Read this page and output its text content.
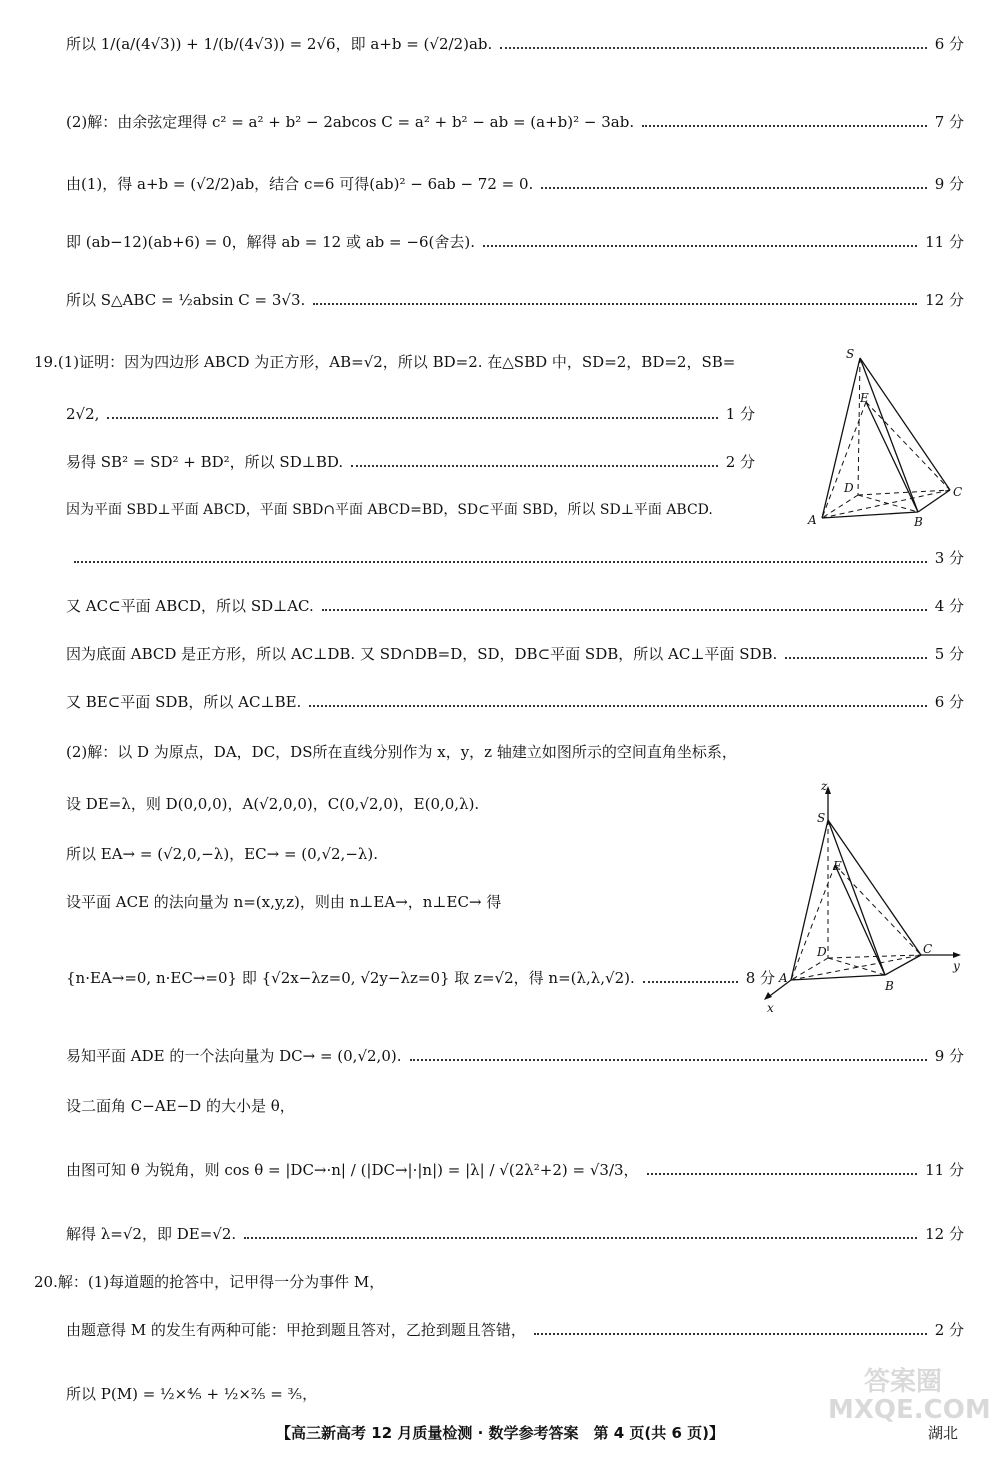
所以 1/(a/(4√3)) + 1/(b/(4√3)) = 2√6，即 a+b = (√2/2)ab.	6 分
(2)解：由余弦定理得 c² = a² + b² − 2abcos C = a² + b² − ab = (a+b)² − 3ab.	7 分
由(1)，得 a+b = (√2/2)ab，结合 c=6 可得(ab)² − 6ab − 72 = 0.	9 分
即 (ab−12)(ab+6) = 0，解得 ab = 12 或 ab = −6(舍去).	11 分
所以 S△ABC = ½absin C = 3√3.	12 分
19.(1)证明：因为四边形 ABCD 为正方形，AB=√2，所以 BD=2. 在△SBD 中，SD=2，BD=2，SB=
2√2,	1 分
易得 SB² = SD² + BD²，所以 SD⊥BD.	2 分
因为平面 SBD⊥平面 ABCD，平面 SBD∩平面 ABCD=BD，SD⊂平面 SBD，所以 SD⊥平面 ABCD.
3 分
又 AC⊂平面 ABCD，所以 SD⊥AC.	4 分
因为底面 ABCD 是正方形，所以 AC⊥DB. 又 SD∩DB=D，SD，DB⊂平面 SDB，所以 AC⊥平面 SDB.	5 分
又 BE⊂平面 SDB，所以 AC⊥BE.	6 分
(2)解：以 D 为原点，DA，DC，DS所在直线分别作为 x，y，z 轴建立如图所示的空间直角坐标系，
设 DE=λ，则 D(0,0,0)，A(√2,0,0)，C(0,√2,0)，E(0,0,λ).
所以 EA→ = (√2,0,−λ)，EC→ = (0,√2,−λ).
设平面 ACE 的法向量为 n=(x,y,z)，则由 n⊥EA→，n⊥EC→ 得
{n·EA→=0, n·EC→=0} 即 {√2x−λz=0, √2y−λz=0} 取 z=√2，得 n=(λ,λ,√2).	8 分
易知平面 ADE 的一个法向量为 DC→ = (0,√2,0).	9 分
设二面角 C−AE−D 的大小是 θ，
由图可知 θ 为锐角，则 cos θ = |DC→·n| / (|DC→|·|n|) = |λ| / √(2λ²+2) = √3/3，	11 分
解得 λ=√2，即 DE=√2.	12 分
20.解：(1)每道题的抢答中，记甲得一分为事件 M，
由题意得 M 的发生有两种可能：甲抢到题且答对，乙抢到题且答错，	2 分
所以 P(M) = ½×⅘ + ½×⅖ = ⅗，
S
E
D	C
A	B
z
S
E
D	C
A
B
y
x
【高三新高考 12 月质量检测 · 数学参考答案　第 4 页(共 6 页)】	湖北
答案圈 MXQE.COM
